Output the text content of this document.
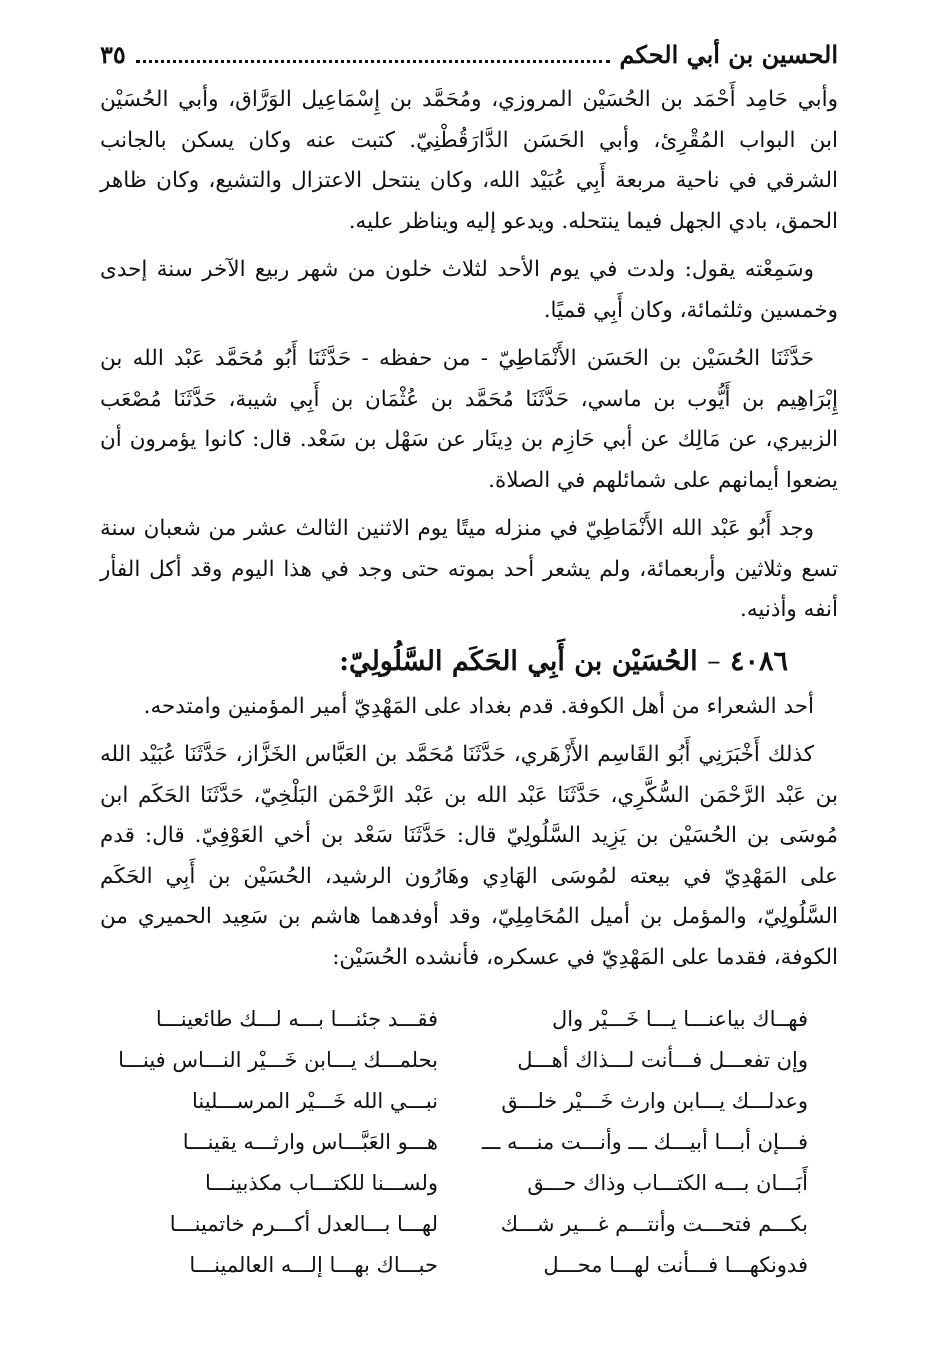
الحسين بن أبي الحكم
٣٥

وأبي حَامِد أَحْمَد بن الحُسَيْن المروزي، ومُحَمَّد بن إِسْمَاعِيل الوَرَّاق، وأبي الحُسَيْن ابن البواب المُقْرِئ، وأبي الحَسَن الدَّارَقُطْنِيّ. كتبت عنه وكان يسكن بالجانب الشرقي في ناحية مربعة أَبِي عُبَيْد الله، وكان ينتحل الاعتزال والتشيع، وكان ظاهر الحمق، بادي الجهل فيما ينتحله. ويدعو إليه ويناظر عليه.

وسَمِعْته يقول: ولدت في يوم الأحد لثلاث خلون من شهر ربيع الآخر سنة إحدى وخمسين وثلثمائة، وكان أَبِي قميًا.

حَدَّثَنَا الحُسَيْن بن الحَسَن الأَنْمَاطِيّ - من حفظه - حَدَّثَنَا أَبُو مُحَمَّد عَبْد الله بن إِبْرَاهِيم بن أَيُّوب بن ماسي، حَدَّثَنَا مُحَمَّد بن عُثْمَان بن أَبِي شيبة، حَدَّثَنَا مُصْعَب الزبيري، عن مَالِك عن أبي حَازِم بن دِينَار عن سَهْل بن سَعْد. قال: كانوا يؤمرون أن يضعوا أيمانهم على شمائلهم في الصلاة.

وجد أَبُو عَبْد الله الأَنْمَاطِيّ في منزله ميتًا يوم الاثنين الثالث عشر من شعبان سنة تسع وثلاثين وأربعمائة، ولم يشعر أحد بموته حتى وجد في هذا اليوم وقد أكل الفأر أنفه وأذنيه.

٤٠٨٦ – الحُسَيْن بن أَبِي الحَكَم السَّلُولِيّ:

أحد الشعراء من أهل الكوفة. قدم بغداد على المَهْدِيّ أمير المؤمنين وامتدحه.

كذلك أَخْبَرَنِي أَبُو القَاسِم الأَزْهَري، حَدَّثَنَا مُحَمَّد بن العَبَّاس الخَزَّاز، حَدَّثَنَا عُبَيْد الله بن عَبْد الرَّحْمَن السُّكَّرِي، حَدَّثَنَا عَبْد الله بن عَبْد الرَّحْمَن البَلْخِيّ، حَدَّثَنَا الحَكَم ابن مُوسَى بن الحُسَيْن بن يَزِيد السَّلُولِيّ قال: حَدَّثَنَا سَعْد بن أخي العَوْفِيّ. قال: قدم على المَهْدِيّ في بيعته لمُوسَى الهَادِي وهَارُون الرشيد، الحُسَيْن بن أَبِي الحَكَم السَّلُولِيّ، والمؤمل بن أميل المُحَامِلِيّ، وقد أوفدهما هاشم بن سَعِيد الحميري من الكوفة، فقدما على المَهْدِيّ في عسكره، فأنشده الحُسَيْن:

فهــاك بياعنـــا يـــا خَـــيْر وال
فقـــد جئنـــا بـــه لـــك طائعينـــا
وإن تفعـــل فـــأنت لـــذاك أهـــل
بحلمـــك يـــابن خَـــيْر النـــاس فينـــا
وعدلـــك يـــابن وارث خَـــيْر خلـــق
نبـــي الله خَـــيْر المرســـلينا
فـــإن أبـــا أبيـــك ـــ وأنـــت منـــه ـــ
هـــو العَبَّـــاس وارثـــه يقينـــا
أَبَـــان بـــه الكتـــاب وذاك حـــق
ولســـنا للكتـــاب مكذبينـــا
بكـــم فتحـــت وأنتـــم غـــير شـــك
لهـــا بـــالعدل أكـــرم خاتمينـــا
فدونكهـــا فـــأنت لهـــا محـــل
حبـــاك بهـــا إلـــه العالمينـــا
